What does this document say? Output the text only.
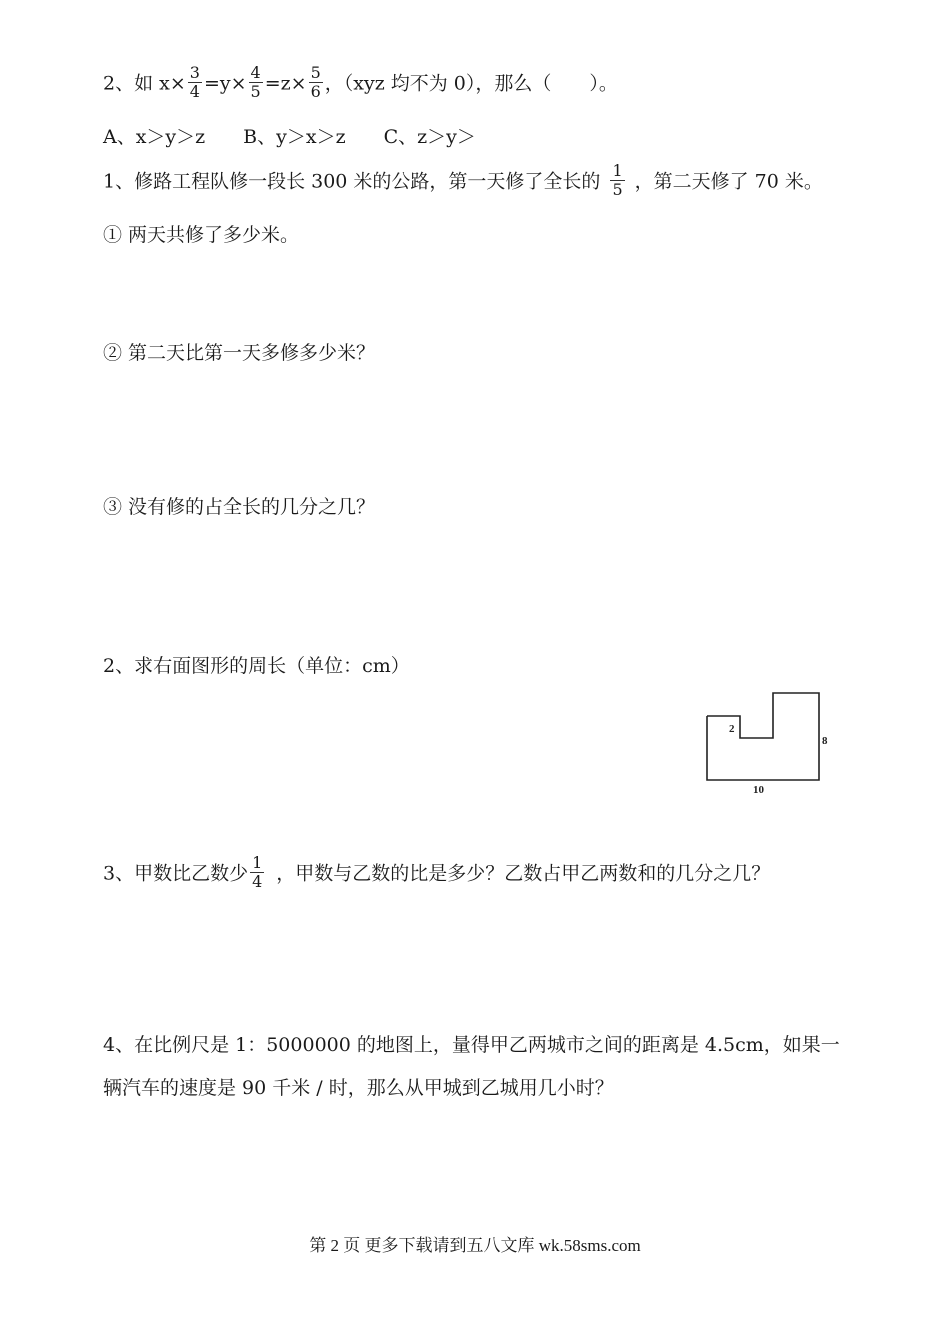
2、如 $x\times \frac{3}{4} =y\times \frac{4}{5} =z\times \frac{5}{6}$ ，（xyz 均不为 0），那么（　　）。
A、x＞y＞z　　B、y＞x＞z　　C、z＞y＞
1、修路工程队修一段长 300 米的公路，第一天修了全长的 $\frac{1}{5}$ ，第二天修了 70 米。
① 两天共修了多少米。
② 第二天比第一天多修多少米？
③ 没有修的占全长的几分之几？
2、求右面图形的周长（单位：cm）
2
8
10
3、甲数比乙数少 $\frac{1}{4}$ ，甲数与乙数的比是多少？乙数占甲乙两数和的几分之几？
4、在比例尺是 1：5000000 的地图上，量得甲乙两城市之间的距离是 4.5cm，如果一
辆汽车的速度是 90 千米 / 时，那么从甲城到乙城用几小时？
第 2 页 更多下载请到五八文库 wk.58sms.com
